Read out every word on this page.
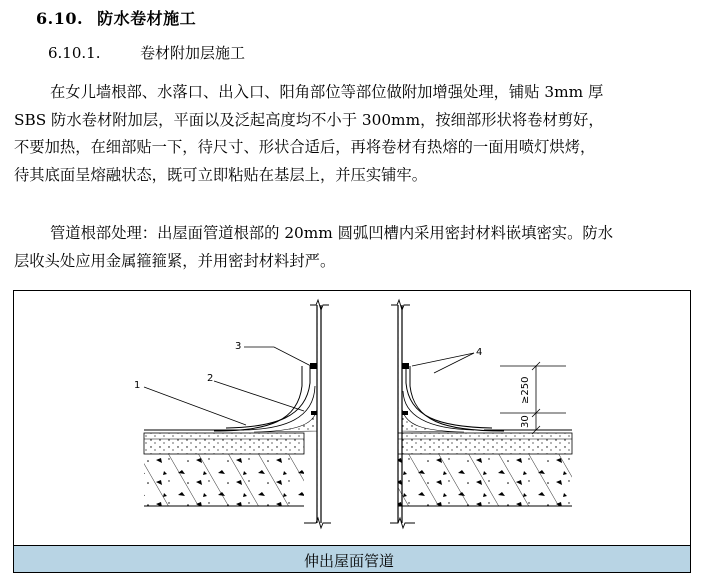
6.10. 防水卷材施工
6.10.1.	卷材附加层施工
在女儿墙根部、水落口、出入口、阳角部位等部位做附加增强处理，铺贴 3mm 厚
SBS 防水卷材附加层，平面以及泛起高度均不小于 300mm，按细部形状将卷材剪好，
不要加热，在细部贴一下，待尺寸、形状合适后，再将卷材有热熔的一面用喷灯烘烤，
待其底面呈熔融状态，既可立即粘贴在基层上，并压实铺牢。
管道根部处理：出屋面管道根部的 20mm 圆弧凹槽内采用密封材料嵌填密实。防水
层收头处应用金属箍箍紧，并用密封材料封严。
1
2
3
4
≥250
30
伸出屋面管道
